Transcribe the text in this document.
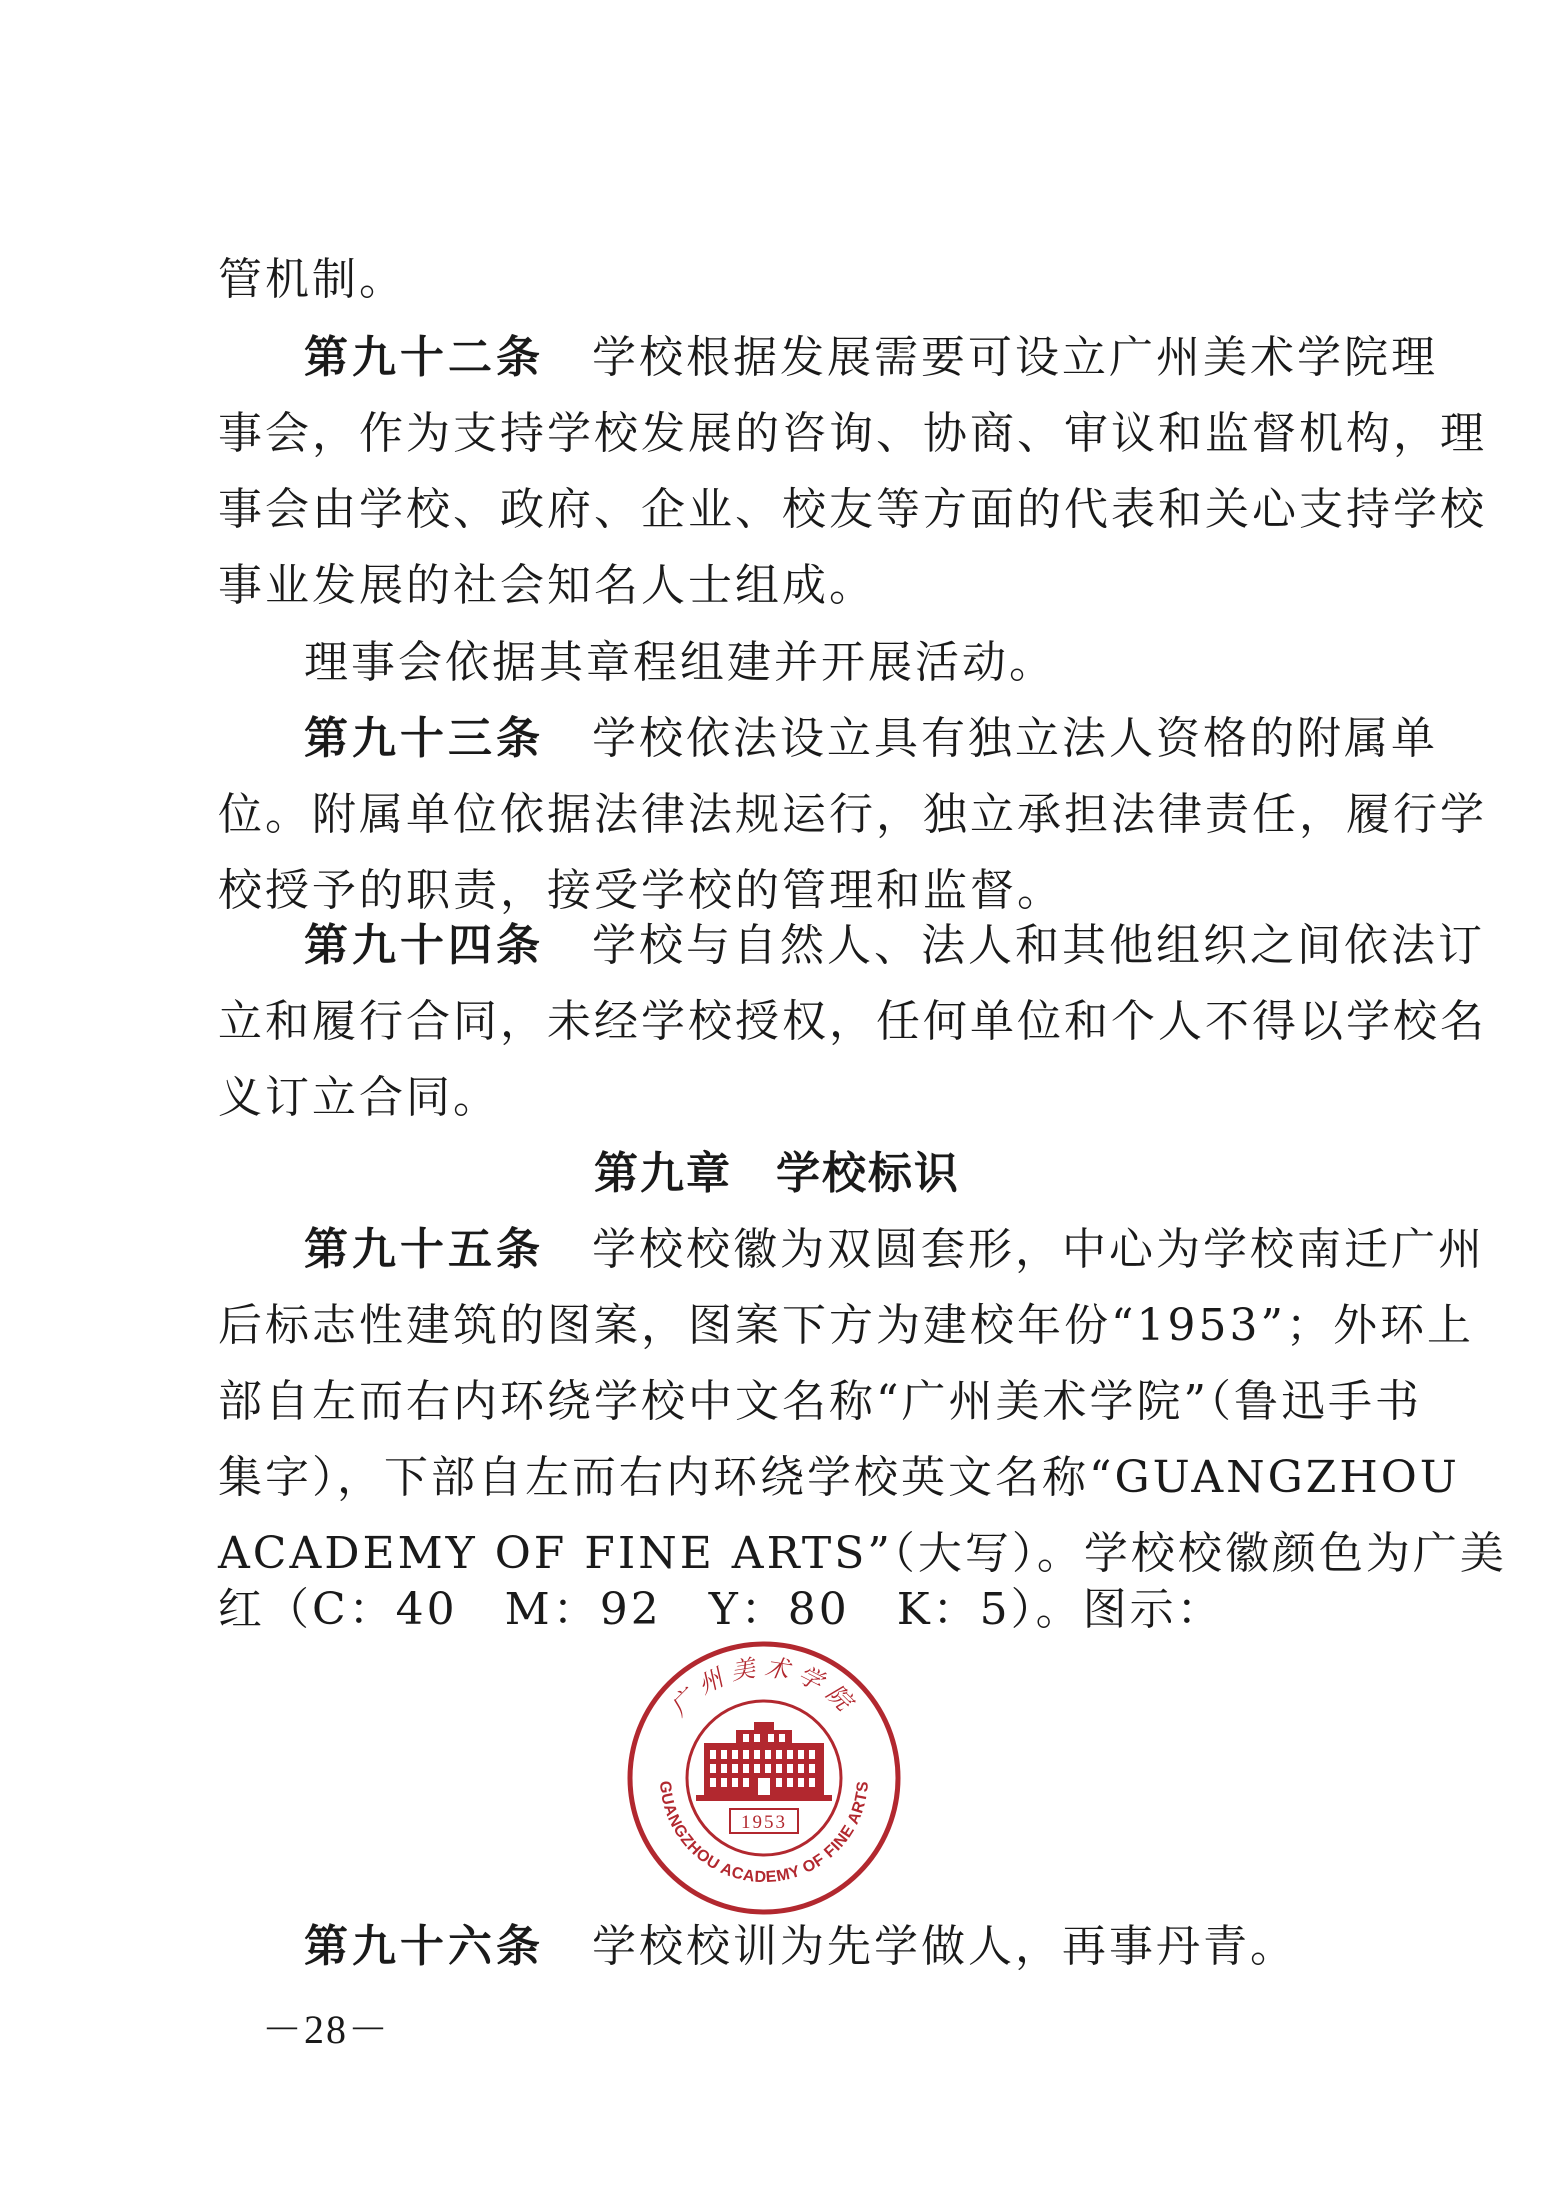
管机制。
第九十二条 学校根据发展需要可设立广州美术学院理
事会，作为支持学校发展的咨询、协商、审议和监督机构，理
事会由学校、政府、企业、校友等方面的代表和关心支持学校
事业发展的社会知名人士组成。
理事会依据其章程组建并开展活动。
第九十三条 学校依法设立具有独立法人资格的附属单
位。附属单位依据法律法规运行，独立承担法律责任，履行学
校授予的职责，接受学校的管理和监督。
第九十四条 学校与自然人、法人和其他组织之间依法订
立和履行合同，未经学校授权，任何单位和个人不得以学校名
义订立合同。
第九章 学校标识
第九十五条 学校校徽为双圆套形，中心为学校南迁广州
后标志性建筑的图案，图案下方为建校年份“1953”；外环上
部自左而右内环绕学校中文名称“广州美术学院”（鲁迅手书
集字），下部自左而右内环绕学校英文名称“GUANGZHOU
ACADEMY OF FINE ARTS”（大写）。学校校徽颜色为广美
红（C：40　M：92　Y：80　K：5）。图示：
广州美术学院
GUANGZHOU ACADEMY OF FINE ARTS
1953
第九十六条 学校校训为先学做人，再事丹青。
－28－
